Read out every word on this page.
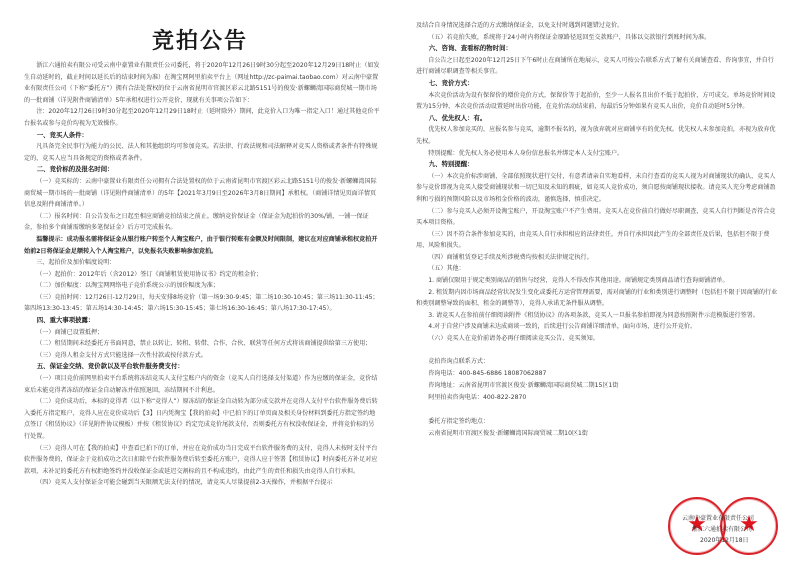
竞拍公告
浙江六通拍卖有限公司受云南中豪置业有限责任公司委托，将于2020年12月26日9时30分起至2020年12月29日18时止（如发生自动延时的，截止时间以延长后的结束时间为准）在淘宝网阿里拍卖平台上（网址http://zc-paimai.taobao.com）对云南中豪置业有限责任公司（下称“委托方”）拥有合法处置权的位于云南省昆明市官渡区彩云北路5151号的俊发·新螺蛳湾国际商贸城一期市场的一批商铺（详见附件商铺清单）5年承租权进行公开竞价，现就有关事项公告如下：
注：2020年12月26日9时30分起至2020年12月29日18时止（延时除外）期间，此竞价入口为唯一指定入口！通过其他竞价平台报名或参与竞价均视为无效操作。
一、竞买人条件：
凡具备完全民事行为能力的公民、法人和其他组织均可参加竞买。若法律、行政法规和司法解释对竞买人资格或者条件有特殊规定的，竞买人应当具备规定的资格或者条件。
二、竞价标的及报名时间：
（一）竞买标的：云南中豪置业有限责任公司拥有合法处置权的位于云南省昆明市官渡区彩云北路5151号的俊发·新螺蛳湾国际商贸城一期市场的一批商铺（详见附件商铺清单）的5年【2021年3月9日至2026年3月8日期间】承租权。（商铺详情见页面详情页信息及附件商铺清单。）
（二）报名时间：自公告发布之日起至相应商铺竞拍结束之前止。缴纳竞价保证金（保证金为起拍价的30%/铺，一铺一保证金，参拍多个商铺需缴纳多笔保证金）后方可完成报名。
温馨提示：成功报名需将保证金从银行账户转至个人淘宝账户，由于银行转账有金额及时间限制，建议在对应商铺承租权竞拍开始前2日将保证金足额转入个人淘宝账户，以免报名失败影响参加竞拍。
三、起拍价及加价幅度说明：
（一）起拍价：2012年后（含2012）签订《商铺租赁使用协议书》约定的租金价；
（二）加价幅度：以淘宝网网络电子竞价系统公示的加价幅度为准；
（三）竞拍时间：12月26日-12月29日，每天安排8场竞价（第一场9:30-9:45；第二场10:30-10:45；第三场11:30-11:45；第四场13:30-13:45；第五场14:30-14:45；第六场15:30-15:45；第七场16:30-16:45；第八场17:30-17:45）。
四、重大事项披露：
（一）商铺已设置抵押；
（二）租赁期间未经委托方书面同意，禁止以转让、转租、转借、合作、合伙、联营等任何方式将该商铺提供给第三方使用；
（三）竞得人租金支付方式只能选择一次性付款或按付款方式。
五、保证金交纳、竞价款以及平台软件服务费支付：
（一）项目竞价前网里拍卖平台系统将冻结竞买人支付宝账户内的资金（竞买人自行选择支付渠道）作为应缴的保证金，竞价结束后未能竞得者冻结的保证金自动解冻并依照退回，冻结期间不计利息。
（二）竞价成功后，本标的竞得者（以下称“竞得人”）原冻结的保证金自动转为部分成交款并在竞得人支付平台软件服务费后转入委托方指定账户，竞得人应在竞价成功后【3】日内凭淘宝【我的拍卖】中已拍下的订单页面及相关身份材料到委托方指定签约地点签订《租赁协议》（详见附件协议模板）并按《租赁协议》约定完成竞价尾款支付，否则委托方有权没收保证金，并将竞价标的另行处置。
（三）竞得人可在【我的拍卖】中查看已拍下的订单，并应在竞价成功当日完成平台软件服务费的支付，竞得人未按时支付平台软件服务费的，保证金于竞拍成功之次日扣除平台软件服务费后转至委托方账户，竞得人应于签署【租赁协议】时向委托方补足对应款项，未补足的委托方有权拒绝签约并没收保证金或延迟交割标的且不构成违约，由此产生的责任和损失由竞得人自行承担。
（四）竞买人支付保证金可能会碰到当天限额无法支付的情况，请竞买人尽量提前2-3天操作，并根据平台提示
及结合自身情况选择合适的方式缴纳保证金，以免支付时遇到问题错过竞价。
（五）若竞拍失败，系统将于24小时内将保证金原路径返回至交款账户，具体以交款银行到账时间为准。
六、咨询、查看标的物时间：
自公告之日起至2020年12月25日下午6时止在商铺所在地展示，竞买人可按公告联系方式了解有关商铺查看、咨询事宜，并自行进行商铺尽职调查等相关事宜。
七、竞价方式：
本次竞价活动为设有保留价的增价竞价方式，保留价等于起拍价，至少一人报名且出价不低于起拍价，方可成交。单场竞价时间设置为15分钟，本次竞价活动设置延时出价功能，在竞价活动结束前，每最后5分钟如果有竞买人出价，竞价自动延时5分钟。
八、优先权人：有。
优先权人参加竞买的，应报名参与竞买，逾期不报名的，视为放弃就对应商铺享有的优先权。优先权人未参加竞拍，亦视为放弃优先权。
特别提醒：优先权人务必使用本人身份信息报名并绑定本人支付宝账户。
九、特别提醒：
（一）本次竞价标涉商铺，全部依照现状进行交付，有意者请亲自实地看样，未自行查看的竞买人视为对商铺现状的确认，竞买人参与竞价即视为竞买人接受商铺现状和一切已知及未知的瑕疵，如竞买人竞价成功，须自愿按商铺现状接收。请竞买人充分考虑商铺盈利和亏损的预期风险以及市场租金价格的波动，谨慎选择，慎重决定。
（二）参与竞买人必须开设淘宝账户，开设淘宝账户不产生费用。竞买人在竞价前自行做好尽职调查，竞买人自行判断是否符合竞买本项目资格。
（三）因不符合条件参加竞买的，由竞买人自行承担相应的法律责任，并自行承担因此产生的全部责任及后果，包括但不限于费用、风险和损失。
（四）商铺租赁登记手续及所涉税费均按相关法律规定执行。
（五）其他：
1. 商铺仅限用于规定类别商品的销售与经营，竞得人不得改作其他用途。商铺规定类别商品请行查询商铺清单。
2. 租赁期内因市场商品经营状况发生变化或委托方运营管理需要，需对商铺的行业和类别进行调整时（包括但不限于因商铺的行业和类别调整导致的面积、租金的调整等），竞得人承诺无条件服从调整。
3. 请竞买人在参拍前仔细阅读附件《租赁协议》的各项条款，竞买人一旦报名参拍即视为同意按照附件示范模版进行签署。
4.对于自营户涉及商铺未达成商谈一致的，后续进行公告商铺详细清单，面向市场，进行公开竞价。
（六）竞买人在竞价前请务必再仔细阅读竞买公告、竞买须知。
竞拍咨询点联系方式：
咨询电话：400-845-6886 18087062887
咨询地址：云南省昆明市官渡区俊发·新螺蛳湾国际商贸城二期15区1街
阿里拍卖咨询电话：400-822-2870
委托方指定签约地点：
云南省昆明市官渡区俊发·新螺蛳湾国际商贸城二期10区1街
★ ★
云南中豪置业有限责任公司
浙江六通拍卖有限公司
2020年12月18日
